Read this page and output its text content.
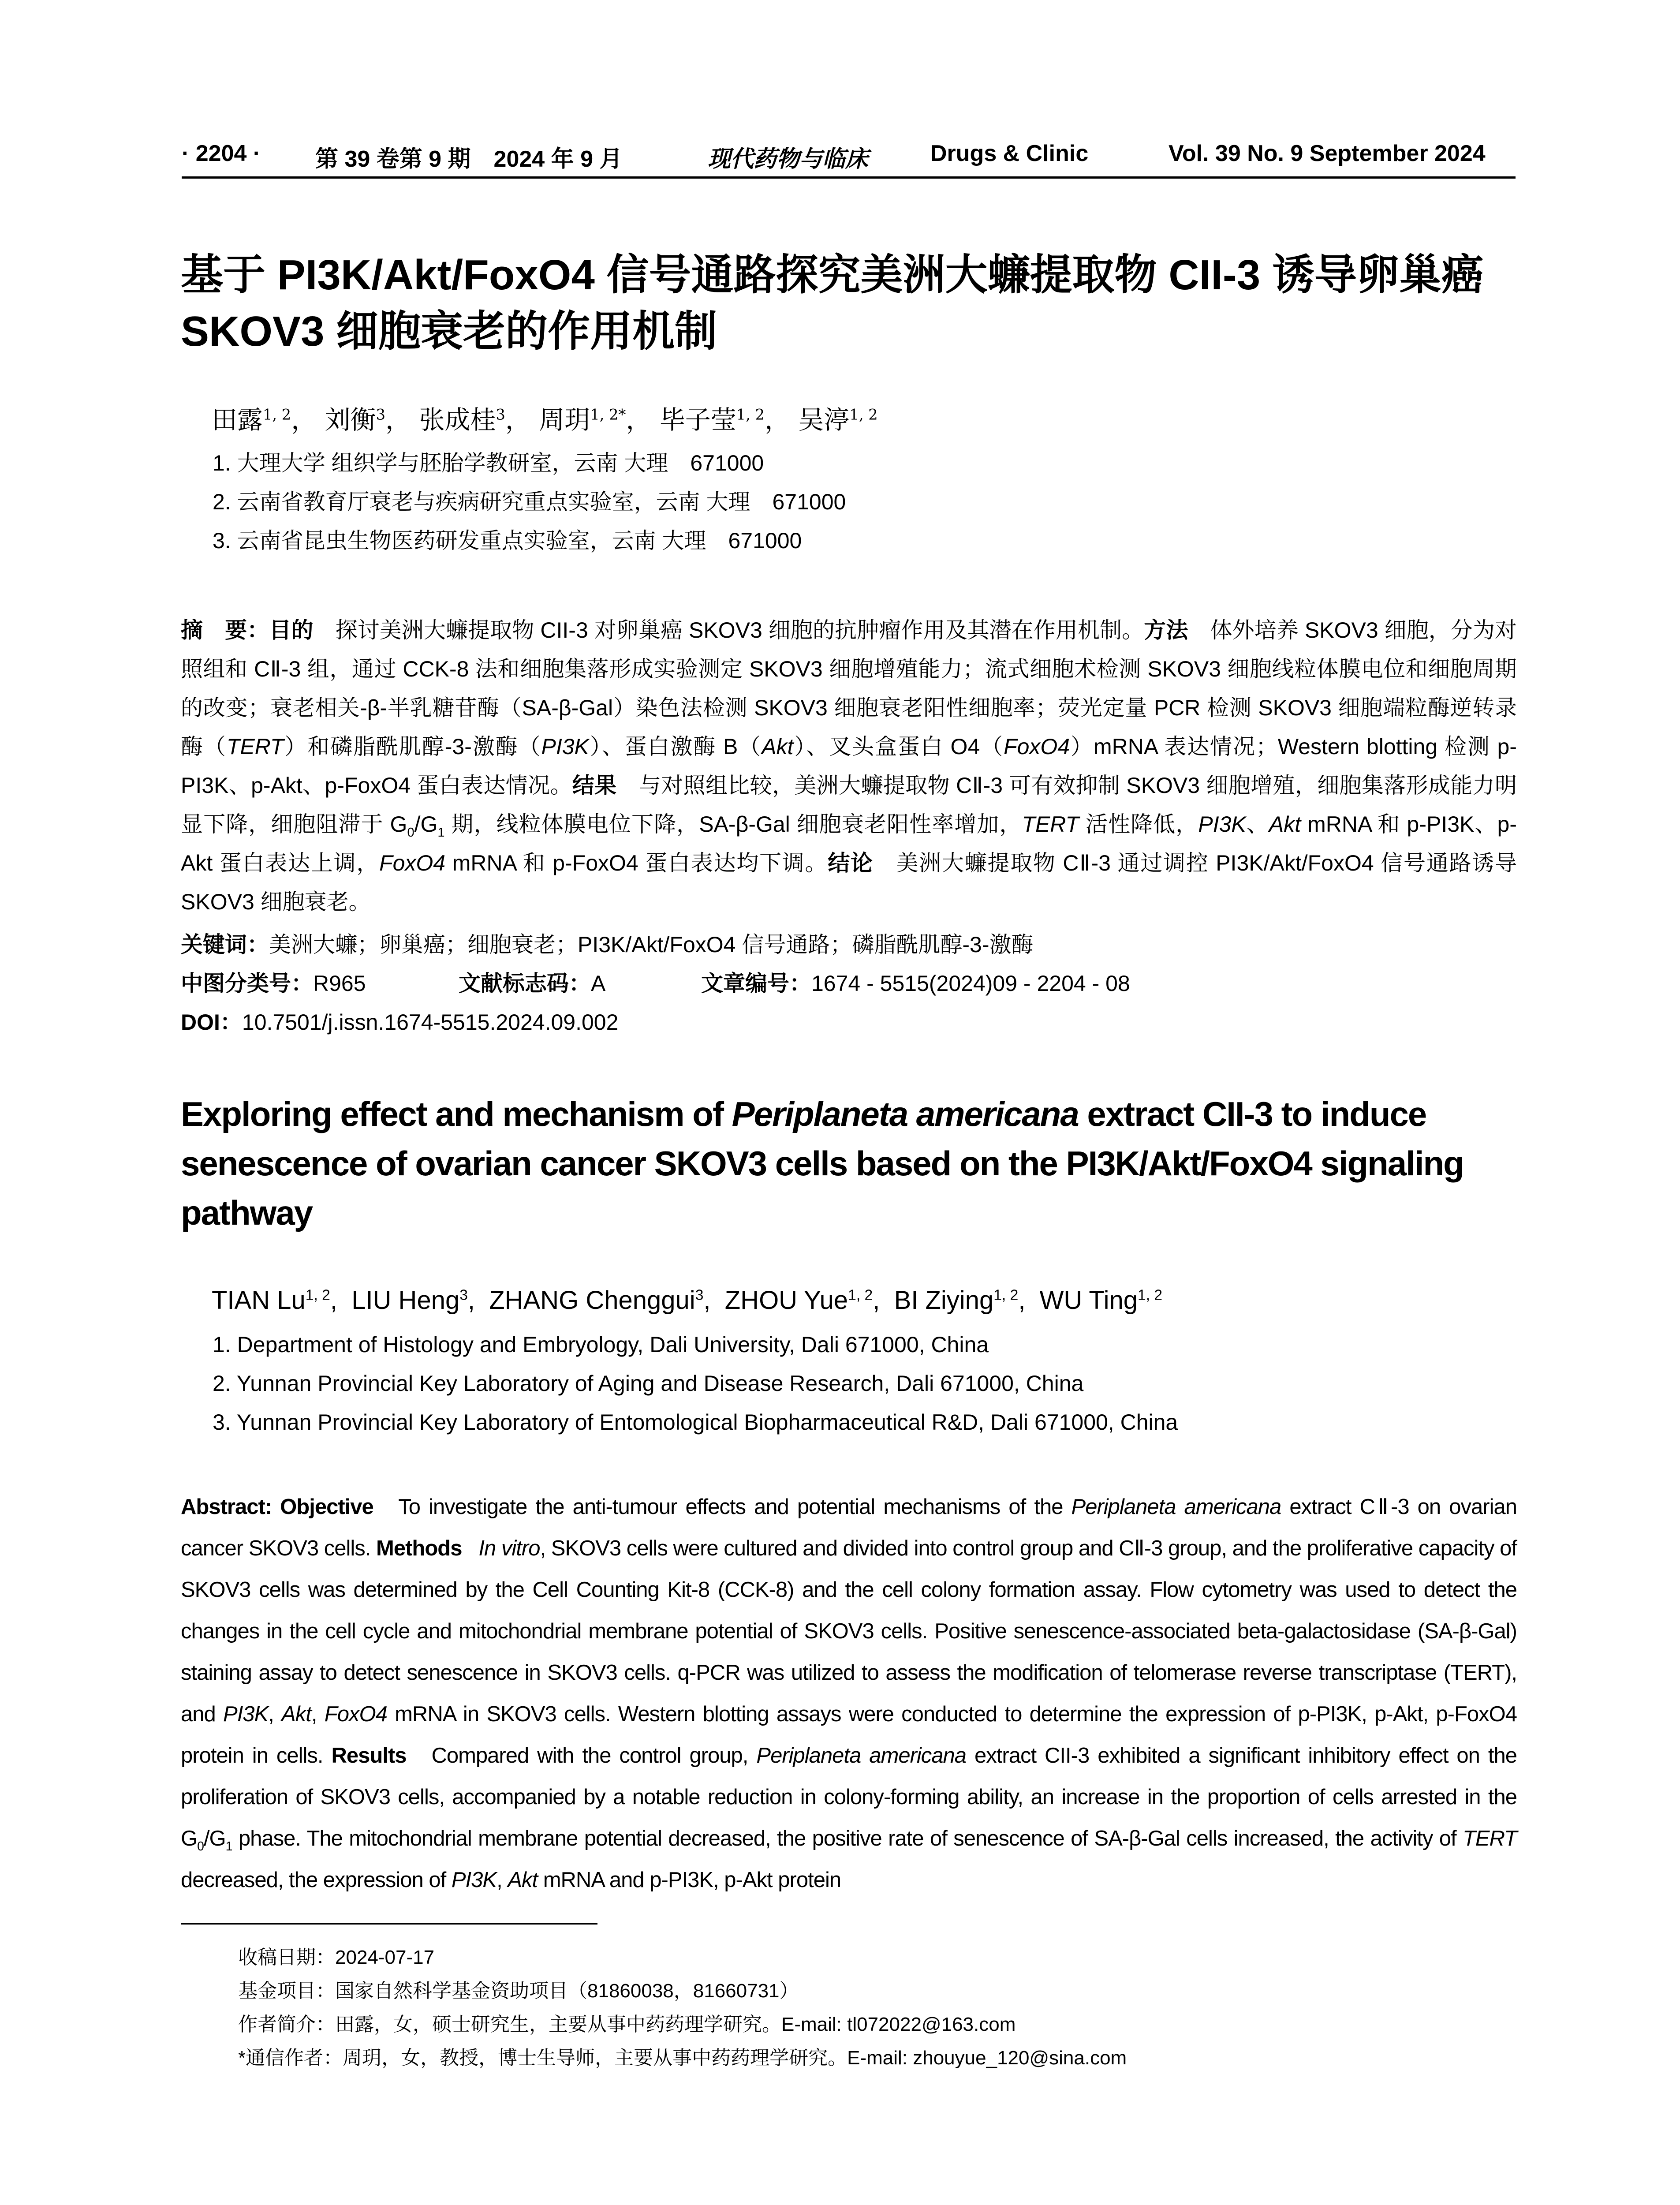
· 2204 · 第 39 卷第 9 期　2024 年 9 月	现代药物与临床	Drugs & Clinic	Vol. 39 No. 9 September 2024
基于 PI3K/Akt/FoxO4 信号通路探究美洲大蠊提取物 CII-3 诱导卵巢癌 SKOV3 细胞衰老的作用机制
田露$^{1, 2}$， 刘衡$^3$， 张成桂$^3$， 周玥$^{1, 2*}$， 毕子莹$^{1, 2}$， 吴渟$^{1, 2}$
1. 大理大学 组织学与胚胎学教研室，云南 大理　671000
2. 云南省教育厅衰老与疾病研究重点实验室，云南 大理　671000
3. 云南省昆虫生物医药研发重点实验室，云南 大理　671000
摘　要：目的　 探讨美洲大蠊提取物 CII-3 对卵巢癌 SKOV3 细胞的抗肿瘤作用及其潜在作用机制。方法　 体外培养 SKOV3 细胞，分为对照组和 CⅡ-3 组，通过 CCK-8 法和细胞集落形成实验测定 SKOV3 细胞增殖能力；流式细胞术检测 SKOV3 细胞线粒体膜电位和细胞周期的改变；衰老相关-β-半乳糖苷酶（SA-β-Gal）染色法检测 SKOV3 细胞衰老阳性细胞率；荧光定量 PCR 检测 SKOV3 细胞端粒酶逆转录酶（TERT）和磷脂酰肌醇-3-激酶（PI3K）、蛋白激酶 B（Akt）、叉头盒蛋白 O4（FoxO4）mRNA 表达情况；Western blotting 检测 p-PI3K、p-Akt、p-FoxO4 蛋白表达情况。结果　 与对照组比较，美洲大蠊提取物 CⅡ-3 可有效抑制 SKOV3 细胞增殖，细胞集落形成能力明显下降，细胞阻滞于 $G_0/G_1$ 期，线粒体膜电位下降，SA-β-Gal 细胞衰老阳性率增加，TERT 活性降低，PI3K、Akt mRNA 和 p-PI3K、p-Akt 蛋白表达上调，FoxO4 mRNA 和 p-FoxO4 蛋白表达均下调。结论　 美洲大蠊提取物 CⅡ-3 通过调控 PI3K/Akt/FoxO4 信号通路诱导 SKOV3 细胞衰老。
关键词：美洲大蠊；卵巢癌；细胞衰老；PI3K/Akt/FoxO4 信号通路；磷脂酰肌醇-3-激酶
中图分类号：R965	文献标志码：A	文章编号：1674 - 5515(2024)09 - 2204 - 08
DOI：10.7501/j.issn.1674-5515.2024.09.002
Exploring effect and mechanism of Periplaneta americana extract CII-3 to induce senescence of ovarian cancer SKOV3 cells based on the PI3K/Akt/FoxO4 signaling pathway
TIAN Lu$^{1, 2}$,  LIU Heng$^3$,  ZHANG Chenggui$^3$,  ZHOU Yue$^{1, 2}$,  BI Ziying$^{1, 2}$,  WU Ting$^{1, 2}$
1. Department of Histology and Embryology, Dali University, Dali 671000, China
2. Yunnan Provincial Key Laboratory of Aging and Disease Research, Dali 671000, China
3. Yunnan Provincial Key Laboratory of Entomological Biopharmaceutical R&D, Dali 671000, China
Abstract: Objective To investigate the anti-tumour effects and potential mechanisms of the Periplaneta americana extract CⅡ-3 on ovarian cancer SKOV3 cells. Methods In vitro, SKOV3 cells were cultured and divided into control group and CⅡ-3 group, and the proliferative capacity of SKOV3 cells was determined by the Cell Counting Kit-8 (CCK-8) and the cell colony formation assay. Flow cytometry was used to detect the changes in the cell cycle and mitochondrial membrane potential of SKOV3 cells. Positive senescence-associated beta-galactosidase (SA-β-Gal) staining assay to detect senescence in SKOV3 cells. q-PCR was utilized to assess the modification of telomerase reverse transcriptase (TERT), and PI3K, Akt, FoxO4 mRNA in SKOV3 cells. Western blotting assays were conducted to determine the expression of p-PI3K, p-Akt, p-FoxO4 protein in cells. Results Compared with the control group, Periplaneta americana extract CII-3 exhibited a significant inhibitory effect on the proliferation of SKOV3 cells, accompanied by a notable reduction in colony-forming ability, an increase in the proportion of cells arrested in the $G_0/G_1$ phase. The mitochondrial membrane potential decreased, the positive rate of senescence of SA-β-Gal cells increased, the activity of TERT decreased, the expression of PI3K, Akt mRNA and p-PI3K, p-Akt protein
收稿日期：2024-07-17
基金项目：国家自然科学基金资助项目（81860038，81660731）
作者简介：田露，女，硕士研究生，主要从事中药药理学研究。E-mail: tl072022@163.com
*通信作者：周玥，女，教授，博士生导师，主要从事中药药理学研究。E-mail: zhouyue_120@sina.com
